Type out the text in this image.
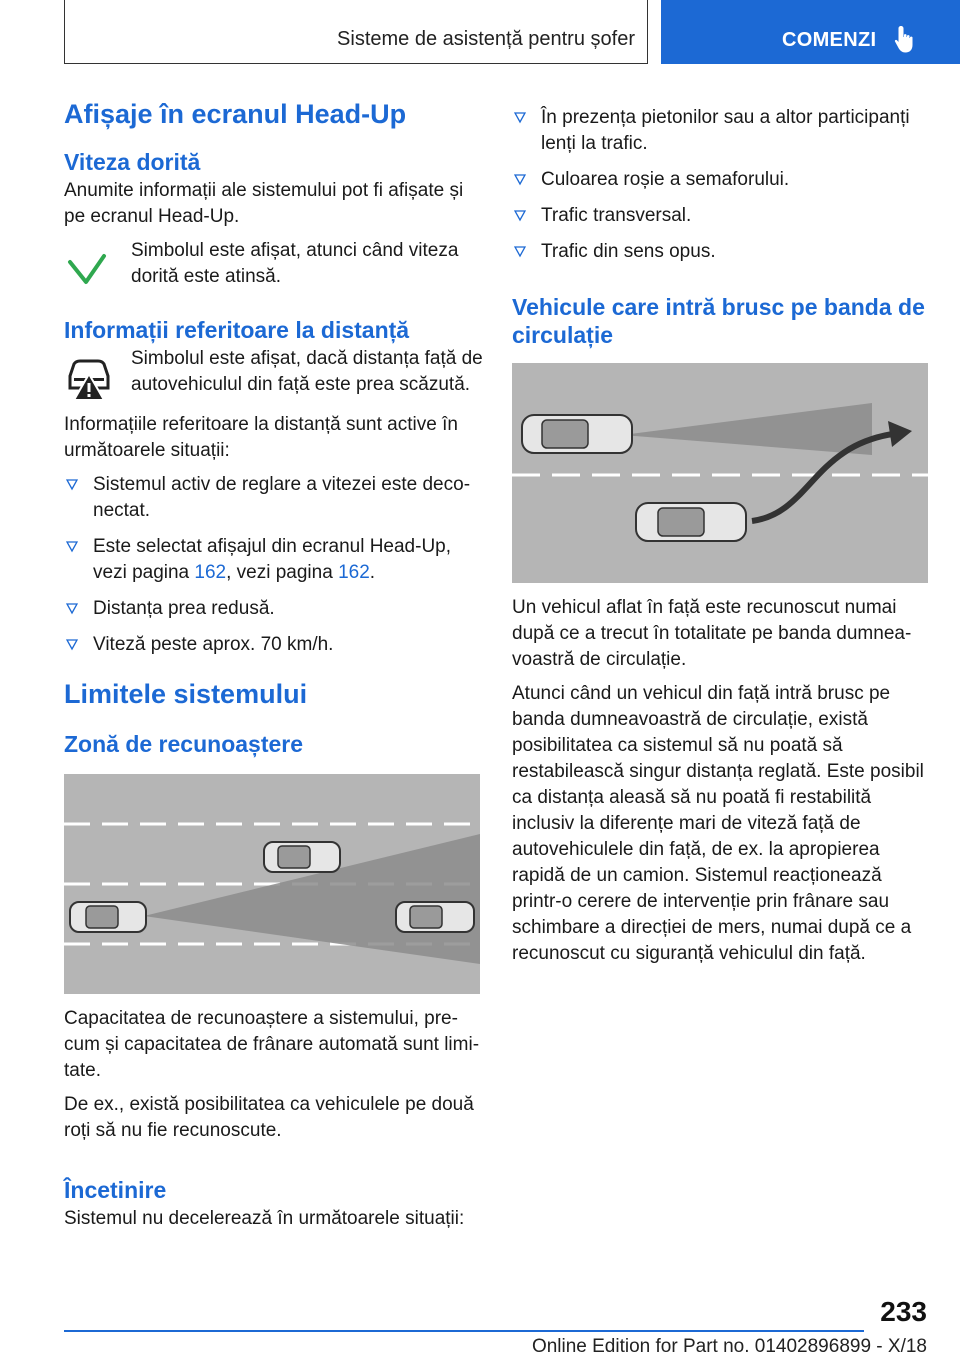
Sisteme de asistență pentru șofer	COMENZI
Afișaje în ecranul Head-Up
Viteza dorită

Anumite informații ale sistemului pot fi afișate și pe ecranul Head-Up.

Simbolul este afișat, atunci când viteza dorită este atinsă.

Informații referitoare la distanță

Simbolul este afișat, dacă distanța față de autovehiculul din față este prea scăzută.

Informațiile referitoare la distanță sunt active în următoarele situații:

Sistemul activ de reglare a vitezei este deconectat.
Este selectat afișajul din ecranul Head-Up, vezi pagina 162, vezi pagina 162.
Distanța prea redusă.
Viteză peste aprox. 70 km/h.
Limitele sistemului
Zonă de recunoaștere

Capacitatea de recunoaștere a sistemului, precum și capacitatea de frânare automată sunt limitate.

De ex., există posibilitatea ca vehiculele pe două roți să nu fie recunoscute.

Încetinire

Sistemul nu decelerează în următoarele situații:

În prezența pietonilor sau a altor participanți lenți la trafic.
Culoarea roșie a semaforului.
Trafic transversal.
Trafic din sens opus.
Vehicule care intră brusc pe banda de circulație

Un vehicul aflat în față este recunoscut numai după ce a trecut în totalitate pe banda dumneavoastră de circulație.

Atunci când un vehicul din față intră brusc pe banda dumneavoastră de circulație, există posibilitatea ca sistemul să nu poată să restabilească singur distanța reglată. Este posibil ca distanța aleasă să nu poată fi restabilită inclusiv la diferențe mari de viteză față de autovehiculele din față, de ex. la apropierea rapidă de un camion. Sistemul reacționează printr-o cerere de intervenție prin frânare sau schimbare a direcției de mers, numai după ce a recunoscut cu siguranță vehiculul din față.

233
Online Edition for Part no. 01402896899 - X/18
